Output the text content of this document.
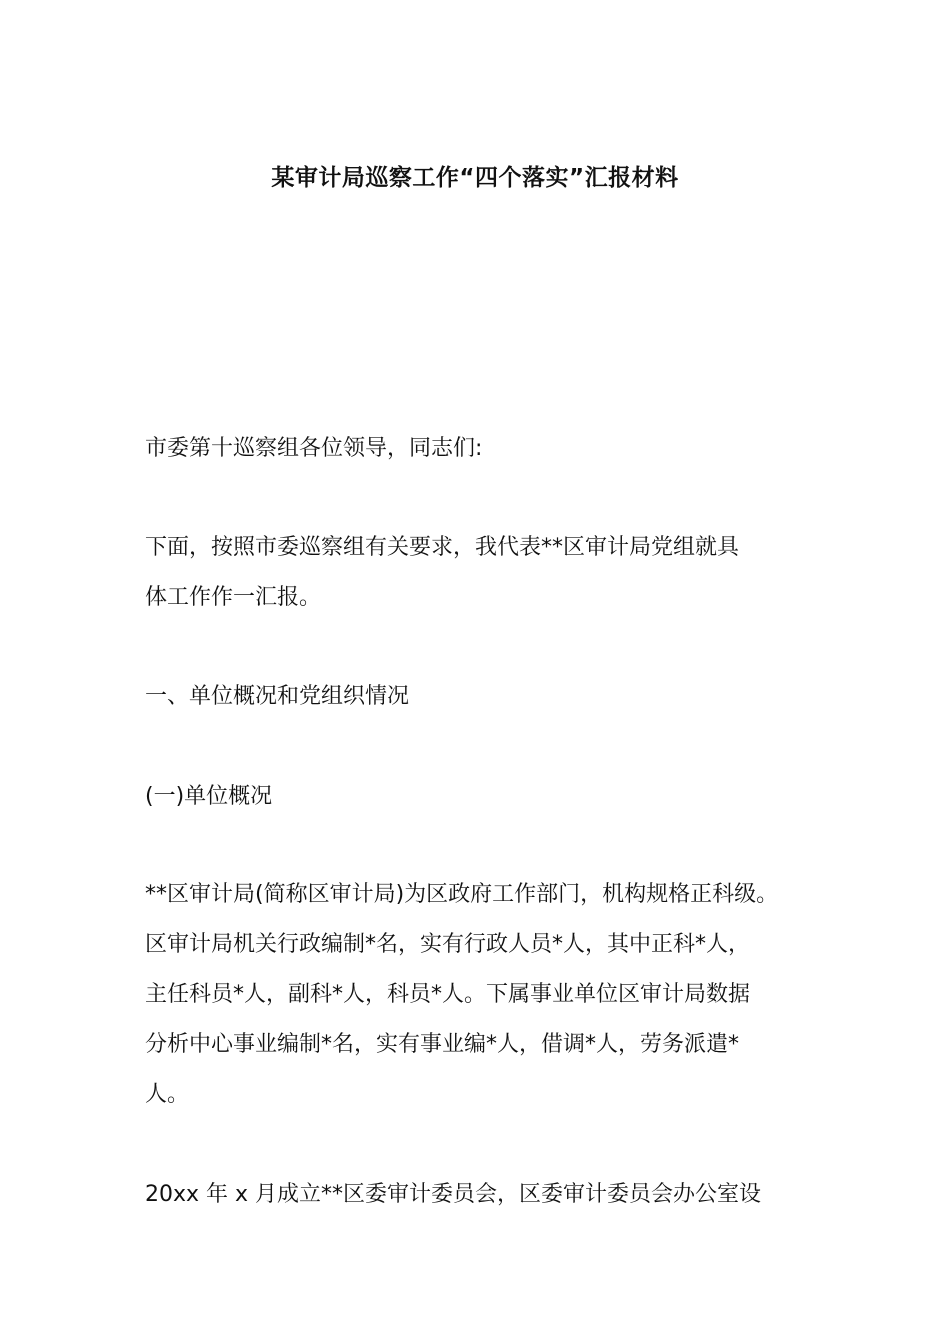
某审计局巡察工作“四个落实”汇报材料

市委第十巡察组各位领导，同志们:

下面，按照市委巡察组有关要求，我代表**区审计局党组就具
体工作作一汇报。

一、单位概况和党组织情况

(一)单位概况

**区审计局(简称区审计局)为区政府工作部门，机构规格正科级。
区审计局机关行政编制*名，实有行政人员*人，其中正科*人，
主任科员*人，副科*人，科员*人。下属事业单位区审计局数据
分析中心事业编制*名，实有事业编*人，借调*人，劳务派遣*
人。

20xx 年 x 月成立**区委审计委员会，区委审计委员会办公室设
